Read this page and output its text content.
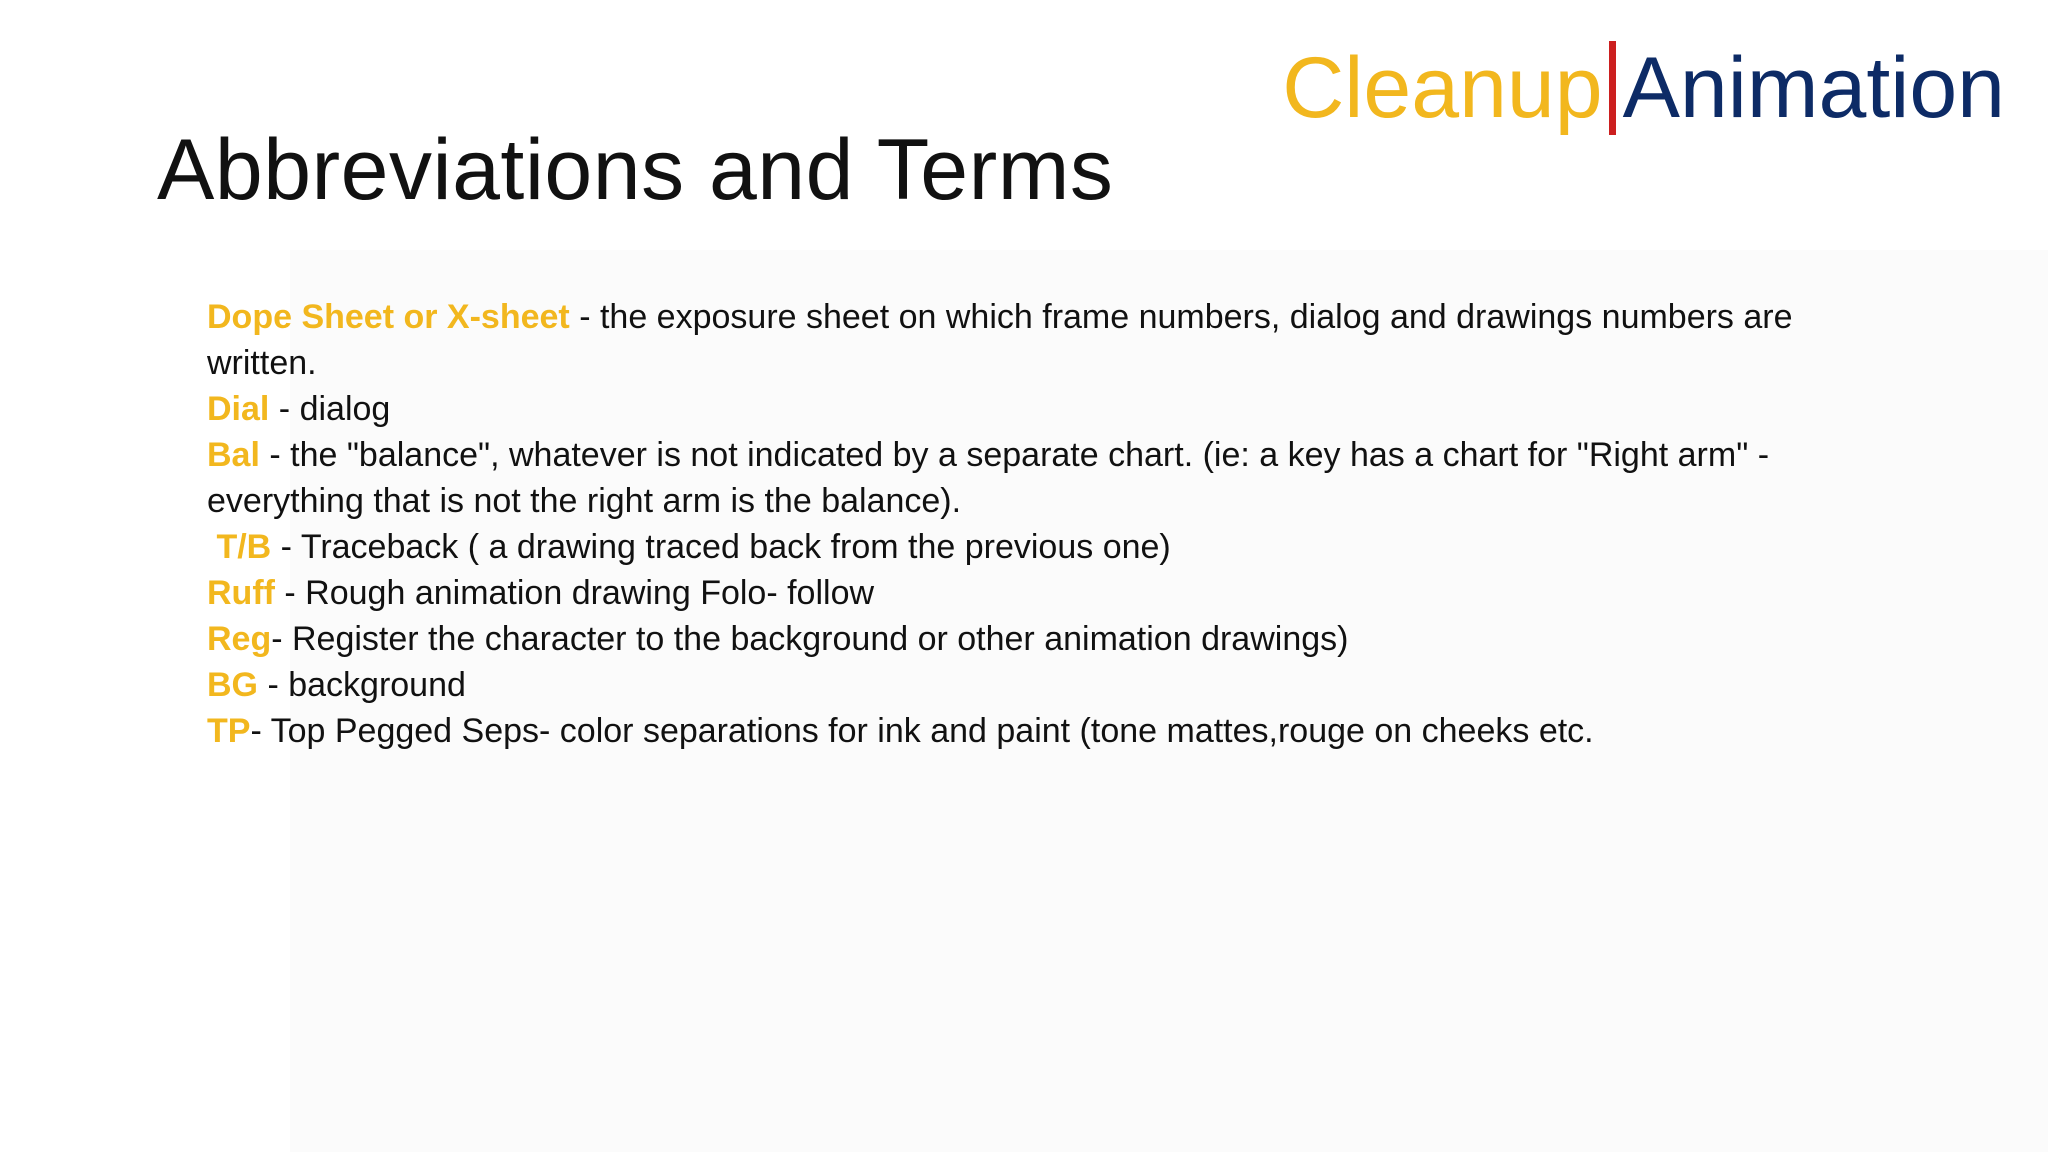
Cleanup Animation
Abbreviations and Terms
Dope Sheet or X-sheet - the exposure sheet on which frame numbers, dialog and drawings numbers are written.
Dial - dialog
Bal - the "balance", whatever is not indicated by a separate chart. (ie: a key has a chart for "Right arm" - everything that is not the right arm is the balance).
T/B - Traceback ( a drawing traced back from the previous one)
Ruff - Rough animation drawing Folo- follow
Reg- Register the character to the background or other animation drawings)
BG - background
TP- Top Pegged Seps- color separations for ink and paint (tone mattes,rouge on cheeks etc.
